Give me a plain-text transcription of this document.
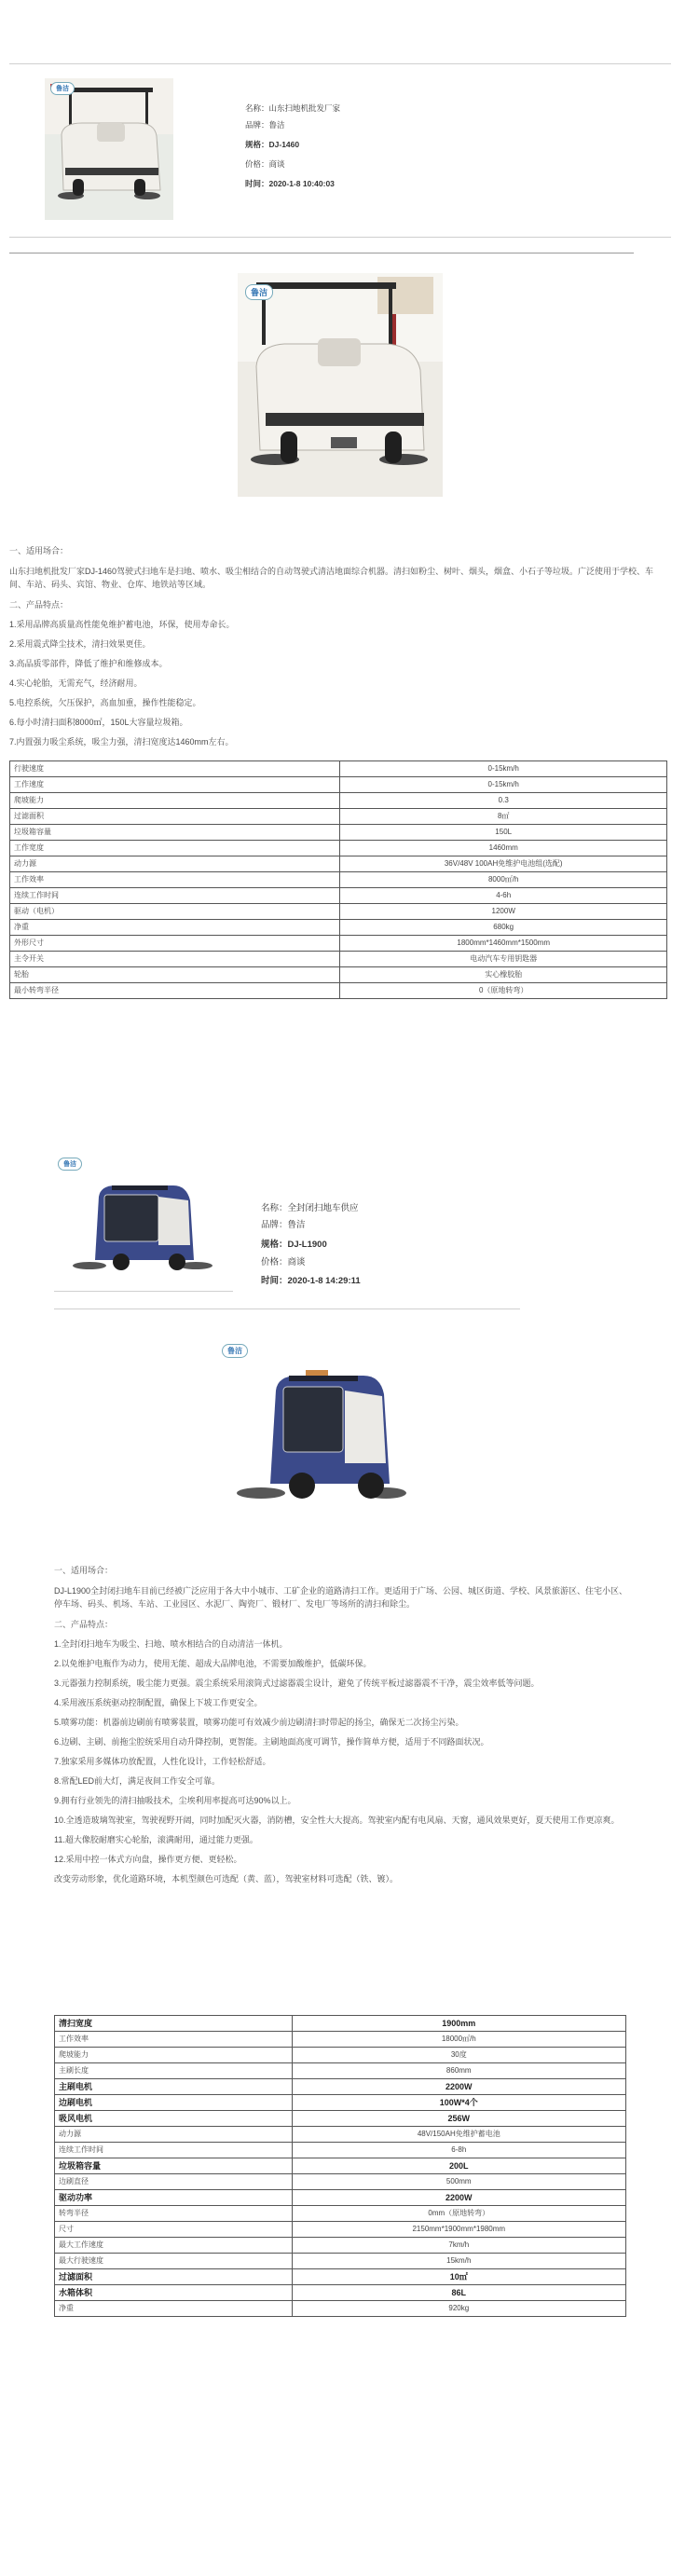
鲁洁
名称：山东扫地机批发厂家
品牌：鲁洁
规格：DJ-1460
价格：商谈
时间：2020-1-8 10:40:03
鲁洁

一、适用场合：

山东扫地机批发厂家DJ-1460驾驶式扫地车是扫地、喷水、吸尘相结合的自动驾驶式清洁地面综合机器。清扫如粉尘、树叶、烟头，烟盒、小石子等垃圾。广泛使用于学校、车间、车站、码头、宾馆、物业、仓库、地铁站等区域。

二、产品特点：

1.采用品牌高质量高性能免维护蓄电池，环保，使用寿命长。

2.采用震式降尘技术，清扫效果更佳。

3.高品质零部件，降低了维护和维修成本。

4.实心轮胎，无需充气，经济耐用。

5.电控系统，欠压保护，高血加重，操作性能稳定。

6.每小时清扫面积8000㎡，150L大容量垃圾箱。

7.内置强力吸尘系统，吸尘力强，清扫宽度达1460mm左右。

行驶速度	0-15km/h
工作速度	0-15km/h
爬坡能力	0.3
过滤面积	8㎡
垃圾箱容量	150L
工作宽度	1460mm
动力源	36V/48V 100AH免维护电池组(选配)
工作效率	8000㎡/h
连续工作时间	4-6h
驱动（电机）	1200W
净重	680kg
外形尺寸	1800mm*1460mm*1500mm
主令开关	电动汽车专用钥匙器
轮胎	实心橡胶胎
最小转弯半径	0（原地转弯）
鲁洁
名称：全封闭扫地车供应
品牌：鲁洁
规格：DJ-L1900
价格：商谈
时间：2020-1-8 14:29:11
鲁洁

一、适用场合：

DJ-L1900全封闭扫地车目前已经被广泛应用于各大中小城市、工矿企业的道路清扫工作。更适用于广场、公园、城区街道、学校、风景旅游区、住宅小区、停车场、码头、机场、车站、工业园区、水泥厂、陶瓷厂、锻材厂、发电厂等场所的清扫和除尘。

二、产品特点：

1.全封闭扫地车为吸尘、扫地、喷水相结合的自动清洁一体机。

2.以免维护电瓶作为动力，使用无能、超成大品牌电池，不需要加酸维护，低碳环保。

3.元器强力控制系统，吸尘能力更强。震尘系统采用滚筒式过滤器震尘设计，避免了传统平板过滤器震不干净，震尘效率低等问题。

4.采用液压系统驱动控制配置，确保上下坡工作更安全。

5.喷雾功能：机器前边刷前有喷雾装置，喷雾功能可有效减少前边刷清扫时带起的扬尘，确保无二次扬尘污染。

6.边刷、主刷、前拖尘腔统采用自动升降控制，更智能。主刷地面高度可调节，操作简单方便，适用于不同路面状况。

7.独家采用多媒体功放配置，人性化设计，工作轻松舒适。

8.常配LED前大灯，满足夜间工作安全可靠。

9.拥有行业领先的清扫抽吸技术，尘埃利用率提高可达90%以上。

10.全透造玻璃驾驶室，驾驶视野开阔，同时加配灭火器，消防槽，安全性大大提高。驾驶室内配有电风扇、天窗，通风效果更好，夏天使用工作更凉爽。

11.超大像胶耐磨实心轮胎，滚满耐用，通过能力更强。

12.采用中控一体式方向盘，操作更方便、更轻松。

改变劳动形象，优化道路环境，本机型颜色可选配（黄、蓝），驾驶室材料可选配（铁、镀）。

清扫宽度	1900mm
工作效率	18000㎡/h
爬坡能力	30度
主刷长度	860mm
主刷电机	2200W
边刷电机	100W*4个
吸风电机	256W
动力源	48V/150AH免维护蓄电池
连续工作时间	6-8h
垃圾箱容量	200L
边刷直径	500mm
驱动功率	2200W
转弯半径	0mm（原地转弯）
尺寸	2150mm*1900mm*1980mm
最大工作速度	7km/h
最大行驶速度	15km/h
过滤面积	10㎡
水箱体积	86L
净重	920kg
